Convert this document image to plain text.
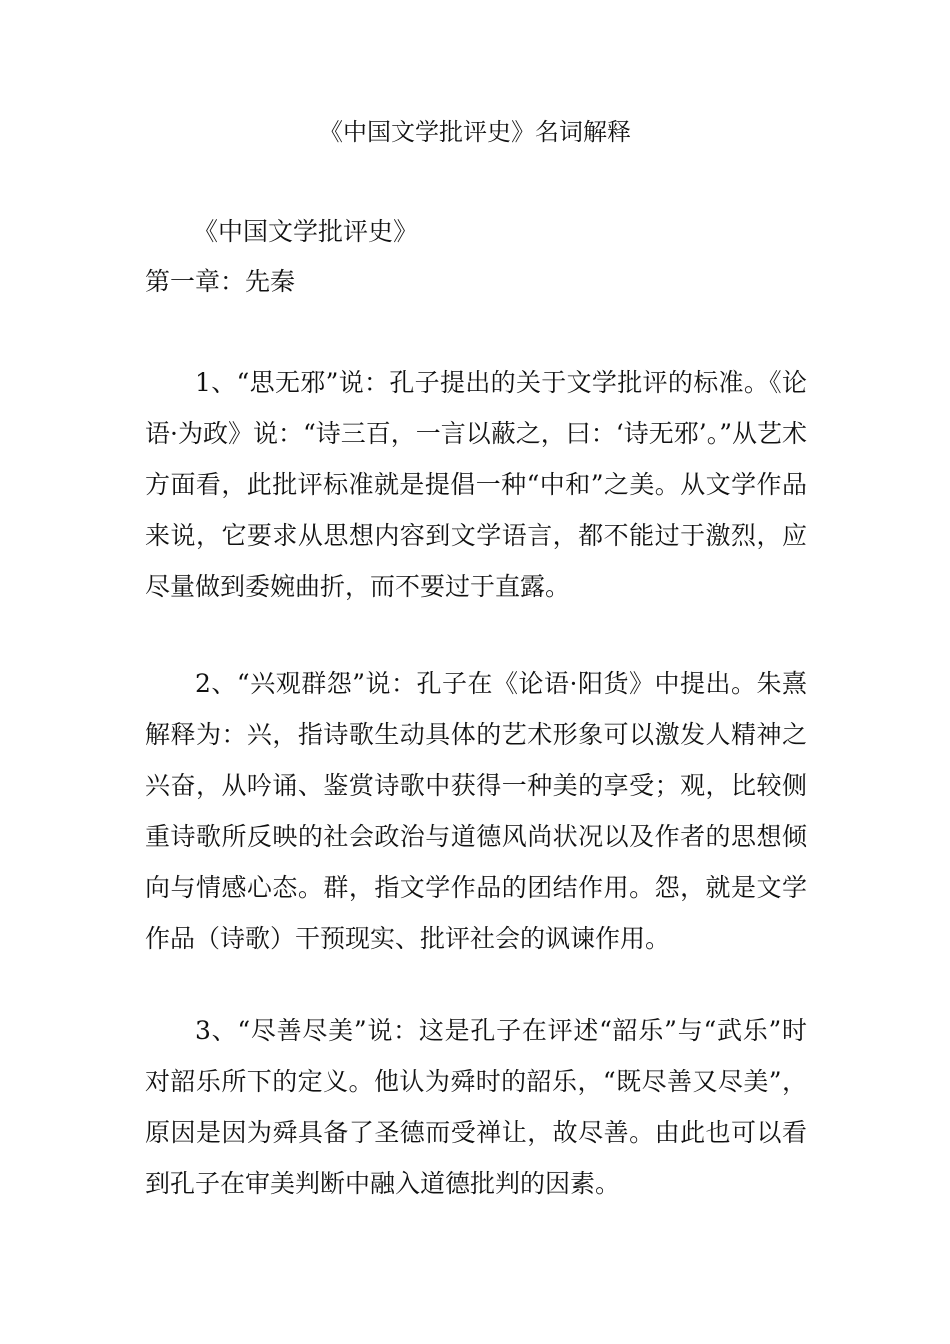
《中国文学批评史》名词解释

《中国文学批评史》

第一章：先秦

1、“思无邪”说：孔子提出的关于文学批评的标准。《论语·为政》说：“诗三百，一言以蔽之，曰：‘诗无邪’。”从艺术方面看，此批评标准就是提倡一种“中和”之美。从文学作品来说，它要求从思想内容到文学语言，都不能过于激烈，应尽量做到委婉曲折，而不要过于直露。

2、“兴观群怨”说：孔子在《论语·阳货》中提出。朱熹解释为：兴，指诗歌生动具体的艺术形象可以激发人精神之兴奋，从吟诵、鉴赏诗歌中获得一种美的享受；观，比较侧重诗歌所反映的社会政治与道德风尚状况以及作者的思想倾向与情感心态。群，指文学作品的团结作用。怨，就是文学作品（诗歌）干预现实、批评社会的讽谏作用。

3、“尽善尽美”说：这是孔子在评述“韶乐”与“武乐”时对韶乐所下的定义。他认为舜时的韶乐，“既尽善又尽美”，原因是因为舜具备了圣德而受禅让，故尽善。由此也可以看到孔子在审美判断中融入道德批判的因素。
